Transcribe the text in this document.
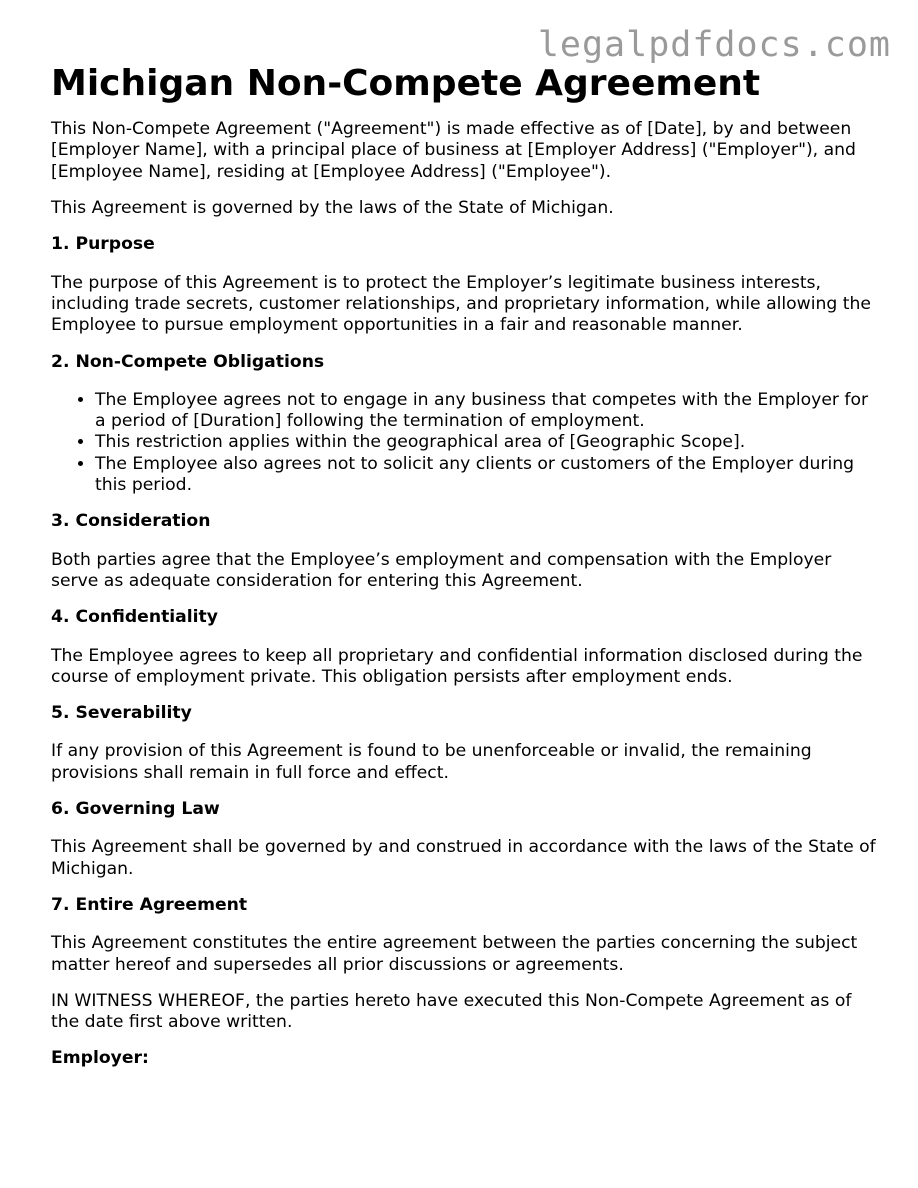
legalpdfdocs.com
Michigan Non-Compete Agreement

This Non-Compete Agreement ("Agreement") is made effective as of [Date], by and between [Employer Name], with a principal place of business at [Employer Address] ("Employer"), and [Employee Name], residing at [Employee Address] ("Employee").

This Agreement is governed by the laws of the State of Michigan.

1. Purpose

The purpose of this Agreement is to protect the Employer’s legitimate business interests, including trade secrets, customer relationships, and proprietary information, while allowing the Employee to pursue employment opportunities in a fair and reasonable manner.

2. Non-Compete Obligations
• The Employee agrees not to engage in any business that competes with the Employer for a period of [Duration] following the termination of employment.
• This restriction applies within the geographical area of [Geographic Scope].
• The Employee also agrees not to solicit any clients or customers of the Employer during this period.
3. Consideration

Both parties agree that the Employee’s employment and compensation with the Employer serve as adequate consideration for entering this Agreement.

4. Confidentiality

The Employee agrees to keep all proprietary and confidential information disclosed during the course of employment private. This obligation persists after employment ends.

5. Severability

If any provision of this Agreement is found to be unenforceable or invalid, the remaining provisions shall remain in full force and effect.

6. Governing Law

This Agreement shall be governed by and construed in accordance with the laws of the State of Michigan.

7. Entire Agreement

This Agreement constitutes the entire agreement between the parties concerning the subject matter hereof and supersedes all prior discussions or agreements.

IN WITNESS WHEREOF, the parties hereto have executed this Non-Compete Agreement as of the date first above written.

Employer:
